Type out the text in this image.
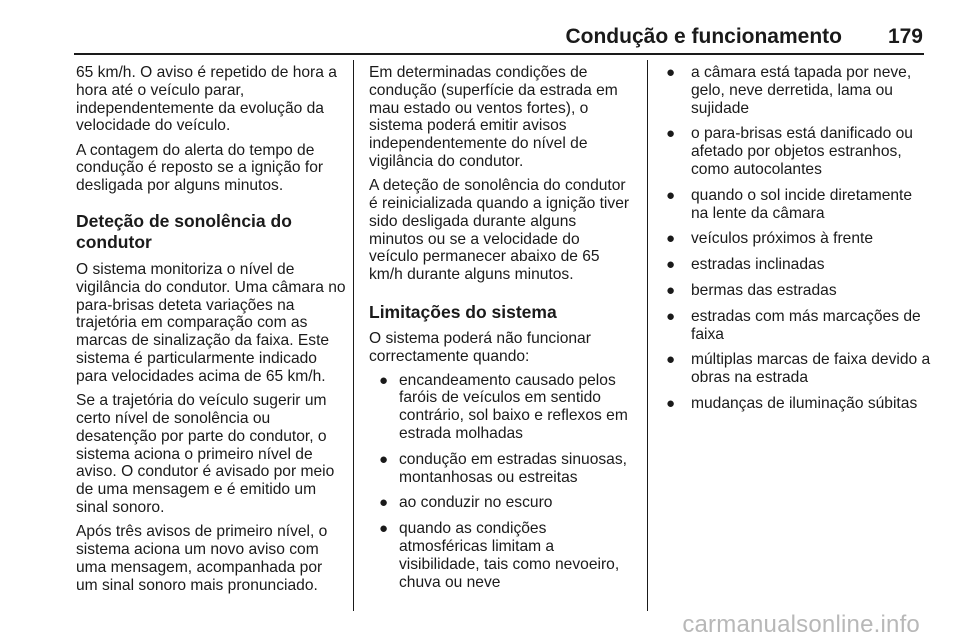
Condução e funcionamento 179

65 km/h. O aviso é repetido de hora a hora até o veículo parar, independentemente da evolução da velocidade do veículo.

A contagem do alerta do tempo de condução é reposto se a ignição for desligada por alguns minutos.

Deteção de sonolência do condutor

O sistema monitoriza o nível de vigilância do condutor. Uma câmara no para-brisas deteta variações na trajetória em comparação com as marcas de sinalização da faixa. Este sistema é particularmente indicado para velocidades acima de 65 km/h.

Se a trajetória do veículo sugerir um certo nível de sonolência ou desatenção por parte do condutor, o sistema aciona o primeiro nível de aviso. O condutor é avisado por meio de uma mensagem e é emitido um sinal sonoro.

Após três avisos de primeiro nível, o sistema aciona um novo aviso com uma mensagem, acompanhada por um sinal sonoro mais pronunciado.

Em determinadas condições de condução (superfície da estrada em mau estado ou ventos fortes), o sistema poderá emitir avisos independentemente do nível de vigilância do condutor.

A deteção de sonolência do condutor é reinicializada quando a ignição tiver sido desligada durante alguns minutos ou se a velocidade do veículo permanecer abaixo de 65 km/h durante alguns minutos.

Limitações do sistema

O sistema poderá não funcionar correctamente quando:

● encandeamento causado pelos faróis de veículos em sentido contrário, sol baixo e reflexos em estrada molhadas
● condução em estradas sinuosas, montanhosas ou estreitas
● ao conduzir no escuro
● quando as condições atmosféricas limitam a visibilidade, tais como nevoeiro, chuva ou neve
● a câmara está tapada por neve, gelo, neve derretida, lama ou sujidade
● o para-brisas está danificado ou afetado por objetos estranhos, como autocolantes
● quando o sol incide diretamente na lente da câmara
● veículos próximos à frente
● estradas inclinadas
● bermas das estradas
● estradas com más marcações de faixa
● múltiplas marcas de faixa devido a obras na estrada
● mudanças de iluminação súbitas
carmanualsonline.info
